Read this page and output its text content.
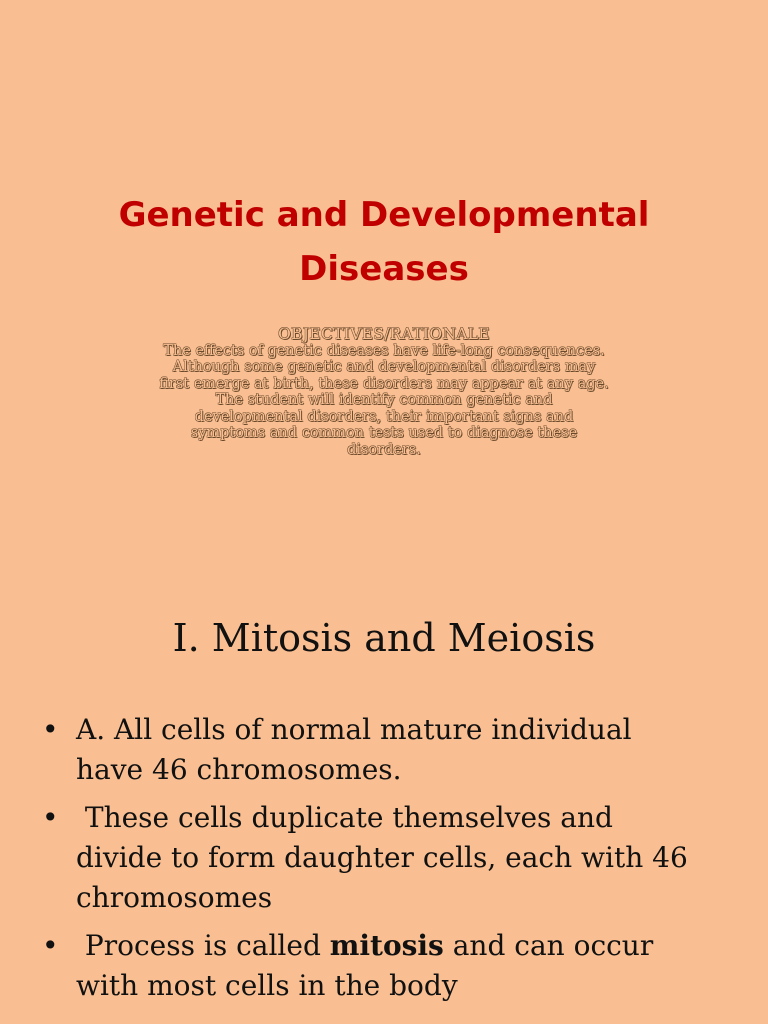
Genetic and Developmental
Diseases
OBJECTIVES/RATIONALE
The effects of genetic diseases have life-long consequences.
Although some genetic and developmental disorders may
first emerge at birth, these disorders may appear at any age.
The student will identify common genetic and
developmental disorders, their important signs and
symptoms and common tests used to diagnose these
disorders.
I. Mitosis and Meiosis
• A. All cells of normal mature individual
have 46 chromosomes.
• These cells duplicate themselves and
divide to form daughter cells, each with 46
chromosomes
• Process is called mitosis and can occur
with most cells in the body
